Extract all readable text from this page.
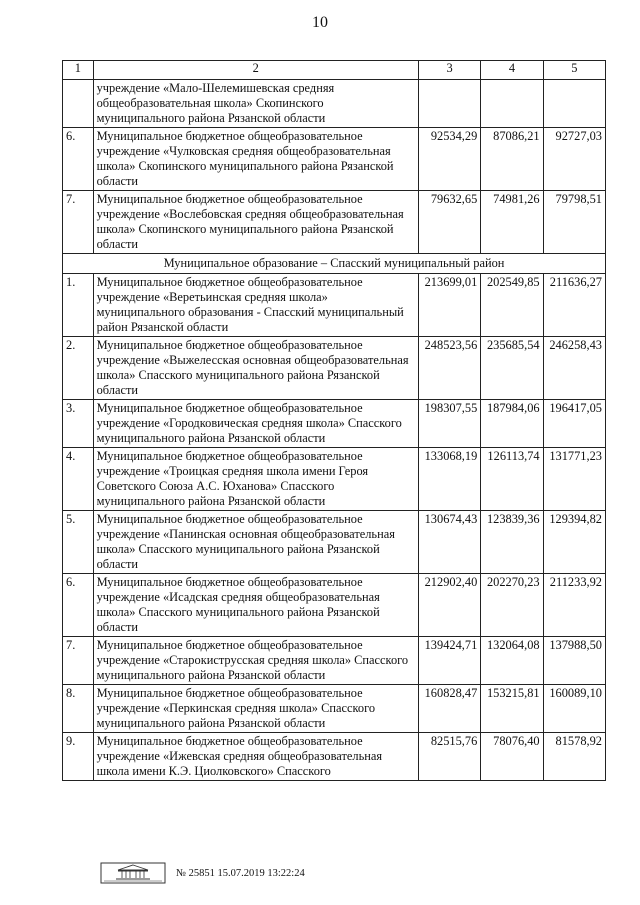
10
1	2	3	4	5
	учреждение «Мало-Шелемишевская средняя общеобразовательная школа» Скопинского муниципального района Рязанской области			
6.	Муниципальное бюджетное общеобразовательное учреждение «Чулковская средняя общеобразовательная школа» Скопинского муниципального района Рязанской области	92534,29	87086,21	92727,03
7.	Муниципальное бюджетное общеобразовательное учреждение «Вослебовская средняя общеобразовательная школа» Скопинского муниципального района Рязанской области	79632,65	74981,26	79798,51
Муниципальное образование – Спасский муниципальный район				
1.	Муниципальное бюджетное общеобразовательное учреждение «Веретьинская средняя школа» муниципального образования - Спасский муниципальный район Рязанской области	213699,01	202549,85	211636,27
2.	Муниципальное бюджетное общеобразовательное учреждение «Выжелесская основная общеобразовательная школа» Спасского муниципального района Рязанской области	248523,56	235685,54	246258,43
3.	Муниципальное бюджетное общеобразовательное учреждение «Городковическая средняя школа» Спасского муниципального района Рязанской области	198307,55	187984,06	196417,05
4.	Муниципальное бюджетное общеобразовательное учреждение «Троицкая средняя школа имени Героя Советского Союза А.С. Юханова» Спасского муниципального района Рязанской области	133068,19	126113,74	131771,23
5.	Муниципальное бюджетное общеобразовательное учреждение «Панинская основная общеобразовательная школа» Спасского муниципального района Рязанской области	130674,43	123839,36	129394,82
6.	Муниципальное бюджетное общеобразовательное учреждение «Исадская средняя общеобразовательная школа» Спасского муниципального района Рязанской области	212902,40	202270,23	211233,92
7.	Муниципальное бюджетное общеобразовательное учреждение «Старокиструсская средняя школа» Спасского муниципального района Рязанской области	139424,71	132064,08	137988,50
8.	Муниципальное бюджетное общеобразовательное учреждение «Перкинская средняя школа» Спасского муниципального района Рязанской области	160828,47	153215,81	160089,10
9.	Муниципальное бюджетное общеобразовательное учреждение «Ижевская средняя общеобразовательная школа имени К.Э. Циолковского» Спасского	82515,76	78076,40	81578,92
№ 25851 15.07.2019 13:22:24
